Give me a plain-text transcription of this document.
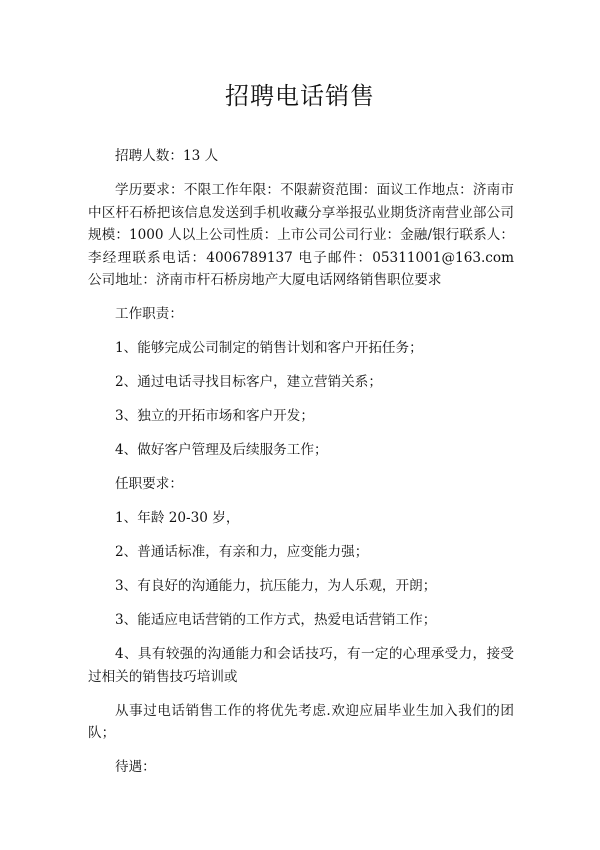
招聘电话销售

招聘人数：13 人

学历要求：不限工作年限：不限薪资范围：面议工作地点：济南市中区杆石桥把该信息发送到手机收藏分享举报弘业期货济南营业部公司规模：1000 人以上公司性质：上市公司公司行业：金融/银行联系人：李经理联系电话：4006789137 电子邮件：05311001@163.com 公司地址：济南市杆石桥房地产大厦电话网络销售职位要求

工作职责：

1、能够完成公司制定的销售计划和客户开拓任务；

2、通过电话寻找目标客户，建立营销关系；

3、独立的开拓市场和客户开发；

4、做好客户管理及后续服务工作；

任职要求：

1、年龄 20-30 岁，

2、普通话标准，有亲和力，应变能力强；

3、有良好的沟通能力，抗压能力，为人乐观，开朗；

3、能适应电话营销的工作方式，热爱电话营销工作；

4、具有较强的沟通能力和会话技巧，有一定的心理承受力，接受过相关的销售技巧培训或

从事过电话销售工作的将优先考虑.欢迎应届毕业生加入我们的团队；

待遇：
